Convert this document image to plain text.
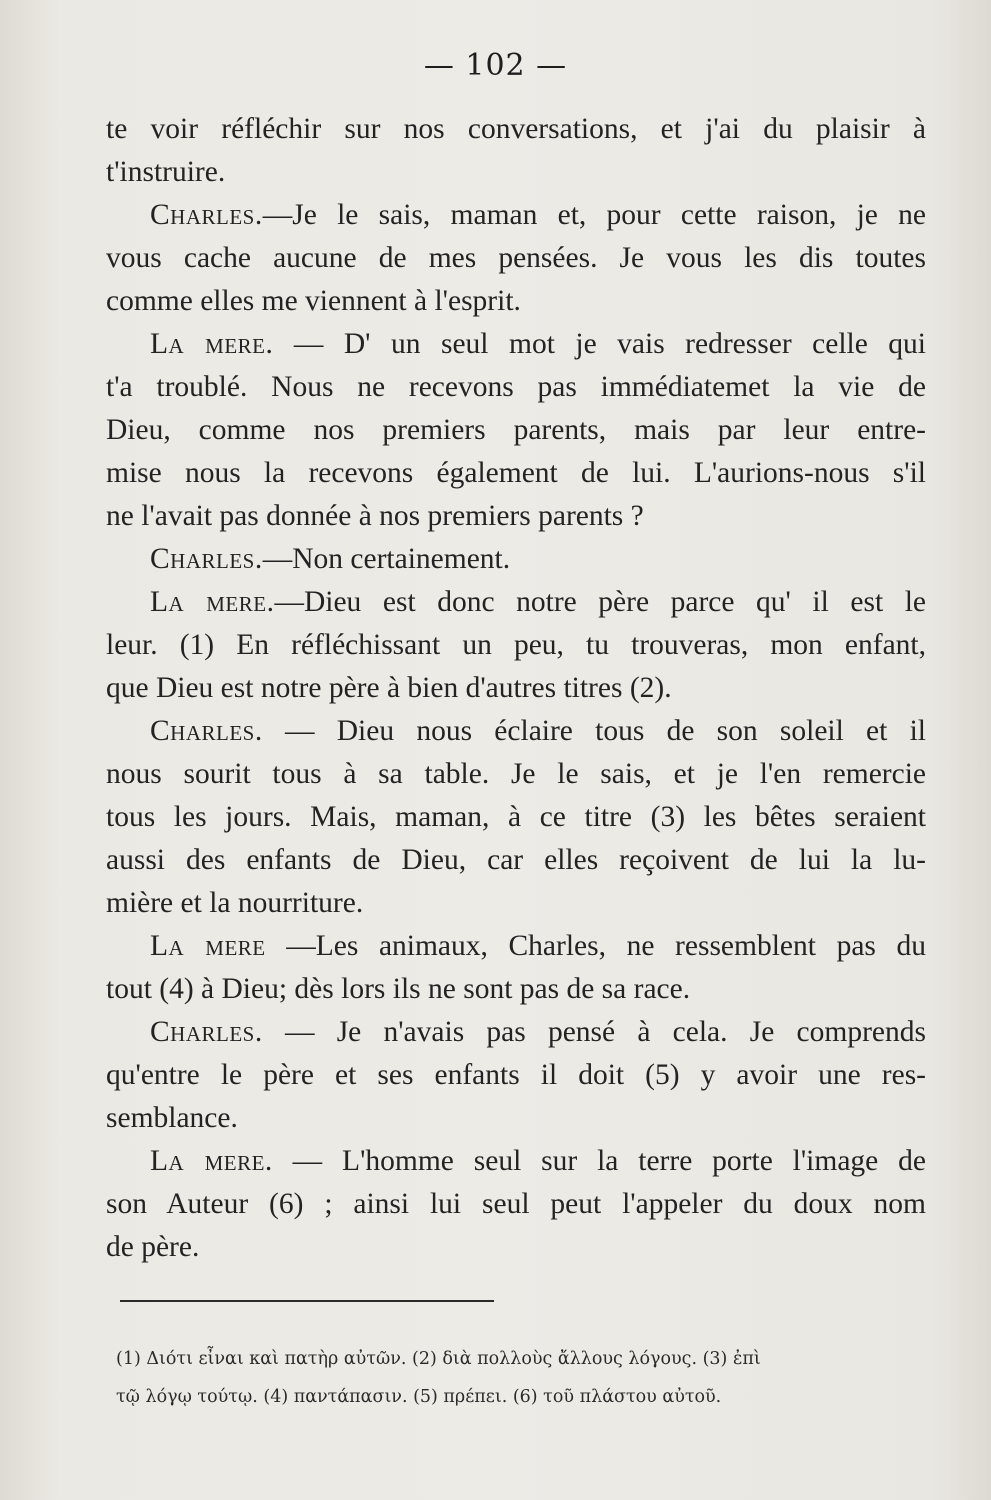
— 102 —
te voir réfléchir sur nos conversations, et j'ai du plaisir à
t'instruire.
Charles.—Je le sais, maman et, pour cette raison, je ne
vous cache aucune de mes pensées. Je vous les dis toutes
comme elles me viennent à l'esprit.
La mere. — D' un seul mot je vais redresser celle qui
t'a troublé. Nous ne recevons pas immédiatemet la vie de
Dieu, comme nos premiers parents, mais par leur entre-
mise nous la recevons également de lui. L'aurions-nous s'il
ne l'avait pas donnée à nos premiers parents ?
Charles.—Non certainement.
La mere.—Dieu est donc notre père parce qu' il est le
leur. (1) En réfléchissant un peu, tu trouveras, mon enfant,
que Dieu est notre père à bien d'autres titres (2).
Charles. — Dieu nous éclaire tous de son soleil et il
nous sourit tous à sa table. Je le sais, et je l'en remercie
tous les jours. Mais, maman, à ce titre (3) les bêtes seraient
aussi des enfants de Dieu, car elles reçoivent de lui la lu-
mière et la nourriture.
La mere —Les animaux, Charles, ne ressemblent pas du
tout (4) à Dieu; dès lors ils ne sont pas de sa race.
Charles. — Je n'avais pas pensé à cela. Je comprends
qu'entre le père et ses enfants il doit (5) y avoir une res-
semblance.
La mere. — L'homme seul sur la terre porte l'image de
son Auteur (6) ; ainsi lui seul peut l'appeler du doux nom
de père.
(1) Διότι εἶναι καὶ πατὴρ αὐτῶν. (2) διὰ πολλοὺς ἄλλους λόγους. (3) ἐπὶ
τῷ λόγῳ τούτῳ. (4) παντάπασιν. (5) πρέπει. (6) τοῦ πλάστου αὐτοῦ.
